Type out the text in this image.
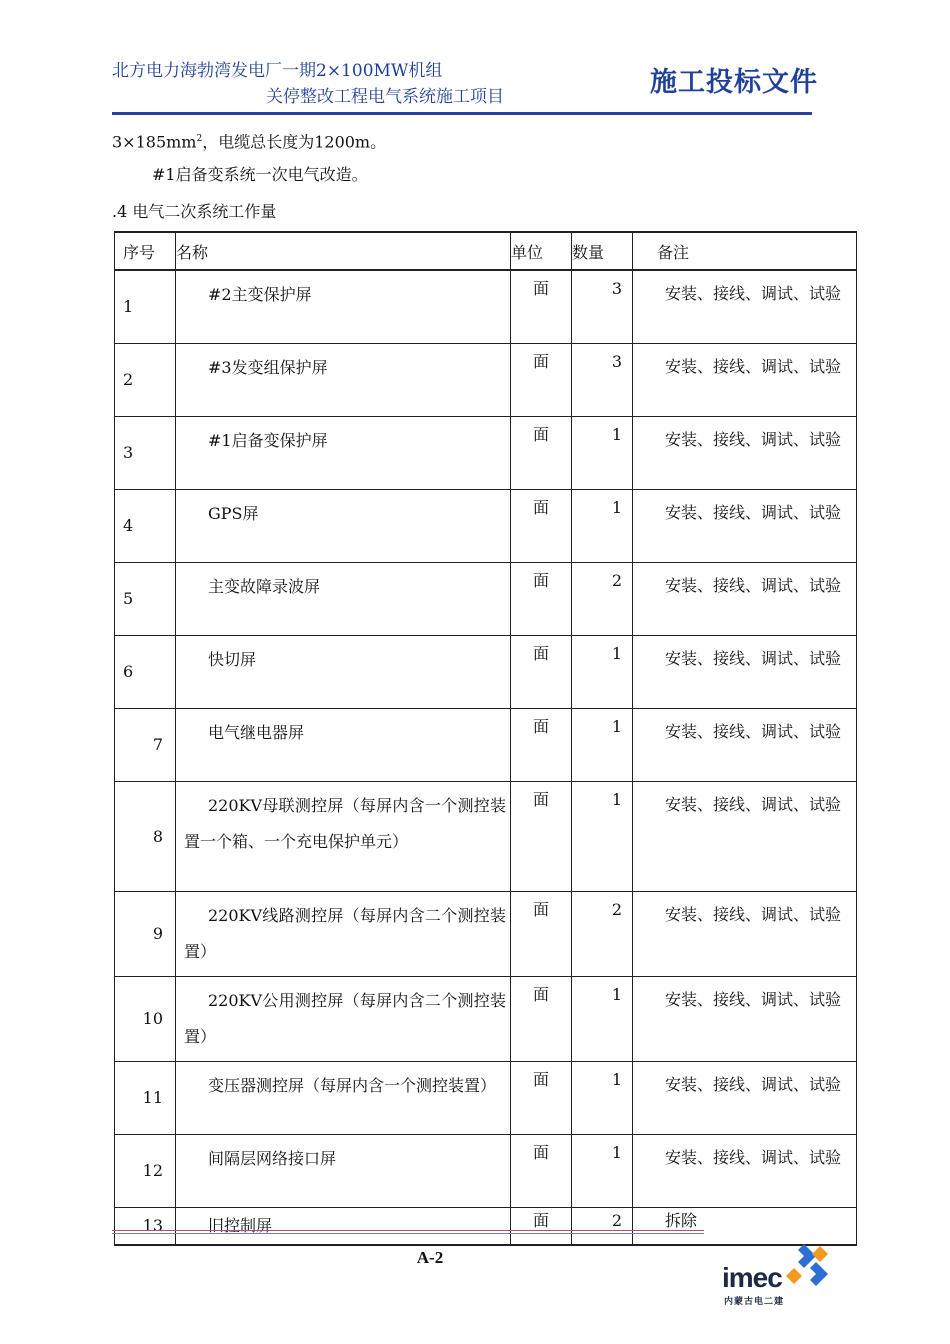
北方电力海勃湾发电厂一期2×100MW机组
关停整改工程电气系统施工项目	施工投标文件
$3\times 185mm^2$，电缆总长度为1200m。
#1启备变系统一次电气改造。
.4 电气二次系统工作量
序号	名称	单位	数量	备注
1	#2主变保护屏	面	3	安装、接线、调试、试验

2	#3发变组保护屏	面	3	安装、接线、调试、试验

3	#1启备变保护屏	面	1	安装、接线、调试、试验

4	GPS屏	面	1	安装、接线、调试、试验

5	主变故障录波屏	面	2	安装、接线、调试、试验

6	快切屏	面	1	安装、接线、调试、试验

7	电气继电器屏	面	1	安装、接线、调试、试验

8	220KV母联测控屏（每屏内含一个测控装置一个箱、一个充电保护单元）	面	1	安装、接线、调试、试验

9	220KV线路测控屏（每屏内含二个测控装置）	面	2	安装、接线、调试、试验

10	220KV公用测控屏（每屏内含二个测控装置）	面	1	安装、接线、调试、试验

11	变压器测控屏（每屏内含一个测控装置）	面	1	安装、接线、调试、试验

12	间隔层网络接口屏	面	1	安装、接线、调试、试验

13	旧控制屏	面	2	拆除
A-2
imec
内蒙古电二建
